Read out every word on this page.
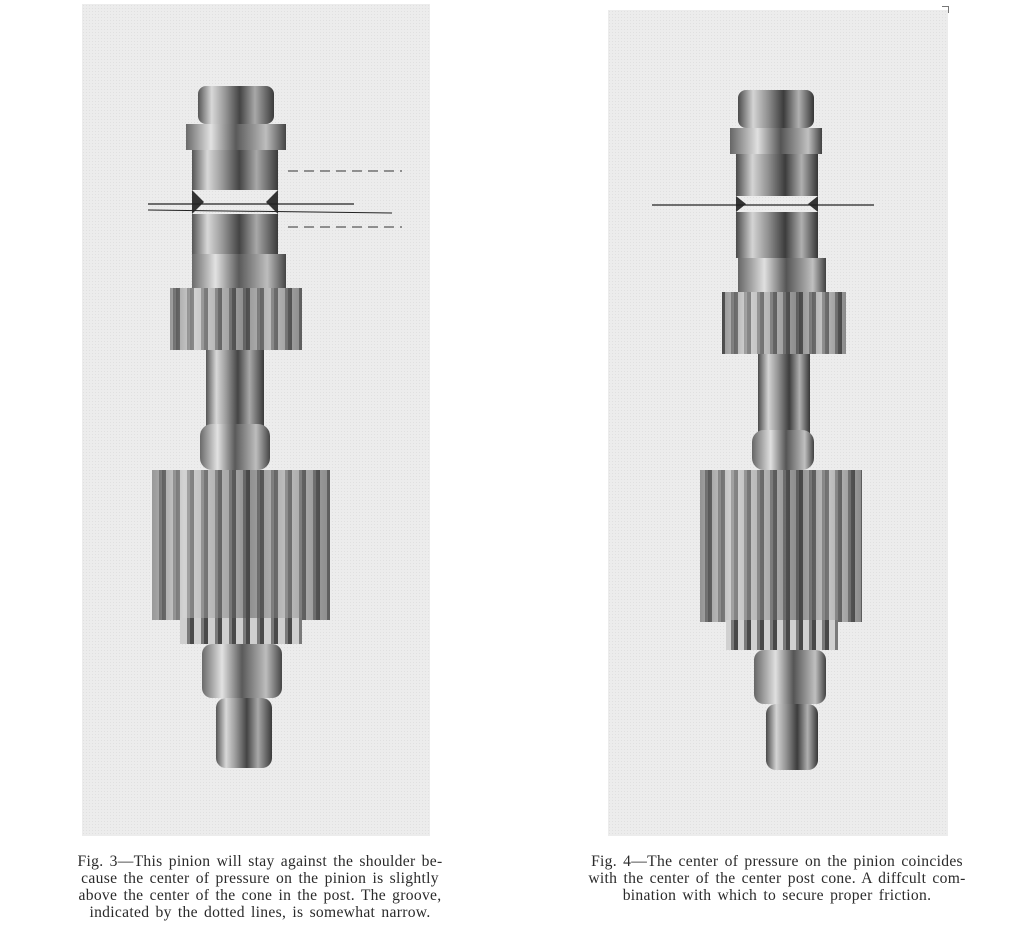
Fig. 3—This pinion will stay against the shoulder be-
cause the center of pressure on the pinion is slightly
above the center of the cone in the post. The groove,
indicated by the dotted lines, is somewhat narrow.
Fig. 4—The center of pressure on the pinion coincides
with the center of the center post cone. A diffcult com-
bination with which to secure proper friction.
